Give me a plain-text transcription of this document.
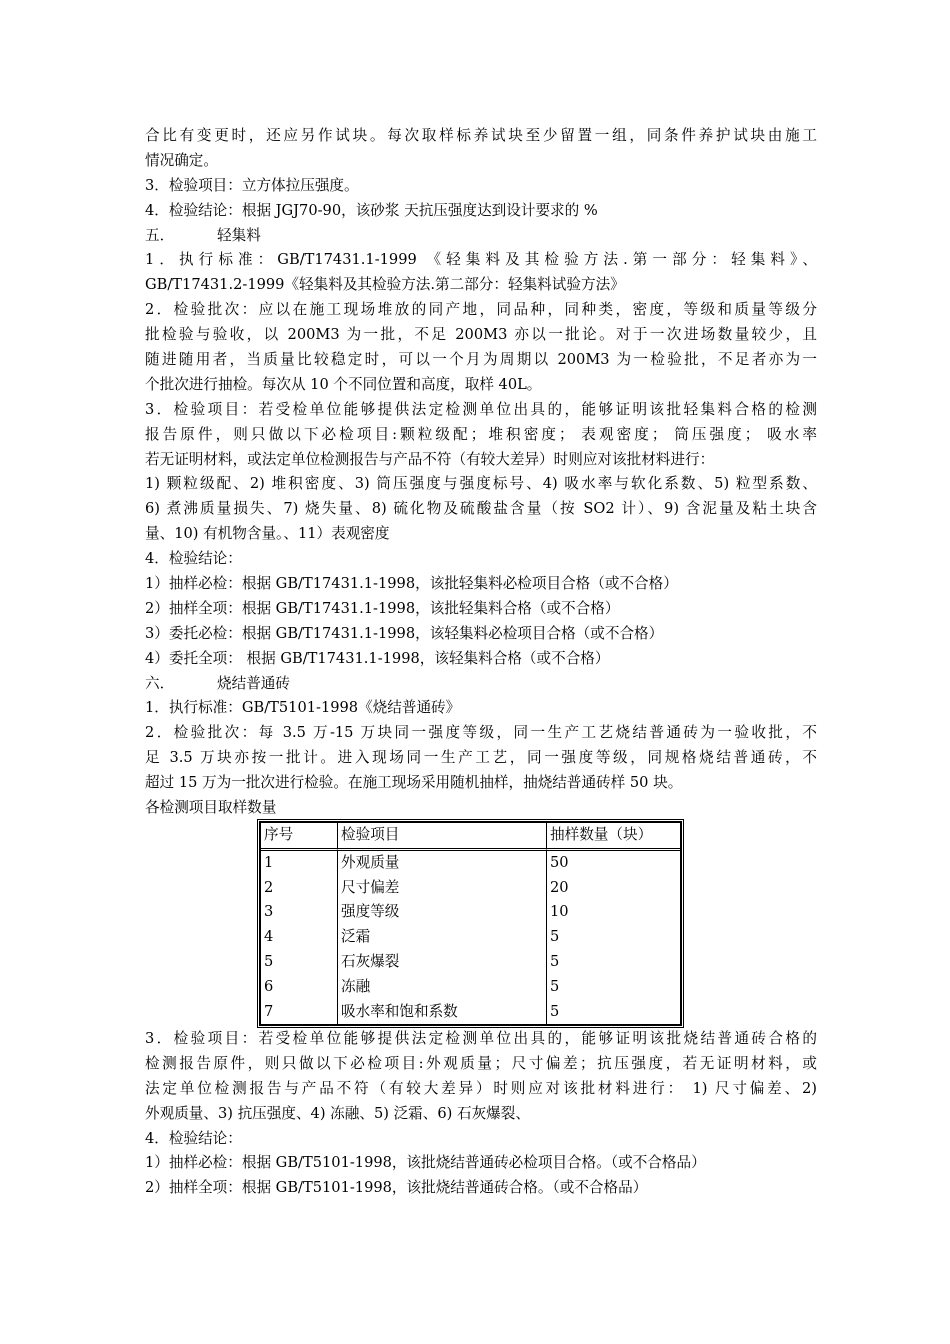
合比有变更时，还应另作试块。每次取样标养试块至少留置一组，同条件养护试块由施工
情况确定。
3．检验项目：立方体拉压强度。
4．检验结论：根据 JGJ70-90，该砂浆 天抗压强度达到设计要求的 %
五．	轻集料
1．执行标准：GB/T17431.1-1999 《轻集料及其检验方法.第一部分：轻集料》、
GB/T17431.2-1999《轻集料及其检验方法.第二部分：轻集料试验方法》
2．检验批次：应以在施工现场堆放的同产地，同品种，同种类，密度，等级和质量等级分
批检验与验收，以 200M3 为一批，不足 200M3 亦以一批论。对于一次进场数量较少，且
随进随用者，当质量比较稳定时，可以一个月为周期以 200M3 为一检验批，不足者亦为一
个批次进行抽检。每次从 10 个不同位置和高度，取样 40L。
3．检验项目：若受检单位能够提供法定检测单位出具的，能够证明该批轻集料合格的检测
报告原件，则只做以下必检项目:颗粒级配；堆积密度； 表观密度； 筒压强度； 吸水率
若无证明材料，或法定单位检测报告与产品不符（有较大差异）时则应对该批材料进行：
1) 颗粒级配、2) 堆积密度、3) 筒压强度与强度标号、4) 吸水率与软化系数、5) 粒型系数、
6) 煮沸质量损失、7) 烧失量、8) 硫化物及硫酸盐含量（按 SO2 计）、9) 含泥量及粘土块含
量、10) 有机物含量。、11）表观密度
4．检验结论：
1）抽样必检：根据 GB/T17431.1-1998，该批轻集料必检项目合格（或不合格）
2）抽样全项：根据 GB/T17431.1-1998，该批轻集料合格（或不合格）
3）委托必检：根据 GB/T17431.1-1998，该轻集料必检项目合格（或不合格）
4）委托全项： 根据 GB/T17431.1-1998，该轻集料合格（或不合格）
六．	烧结普通砖
1．执行标准：GB/T5101-1998《烧结普通砖》
2．检验批次：每 3.5 万-15 万块同一强度等级，同一生产工艺烧结普通砖为一验收批，不
足 3.5 万块亦按一批计。进入现场同一生产工艺，同一强度等级，同规格烧结普通砖，不
超过 15 万为一批次进行检验。在施工现场采用随机抽样，抽烧结普通砖样 50 块。
各检测项目取样数量
序号	检验项目	抽样数量（块）
1	外观质量	50
2	尺寸偏差	20
3	强度等级	10
4	泛霜	5
5	石灰爆裂	5
6	冻融	5
7	吸水率和饱和系数	5
3．检验项目：若受检单位能够提供法定检测单位出具的，能够证明该批烧结普通砖合格的
检测报告原件，则只做以下必检项目:外观质量；尺寸偏差；抗压强度，若无证明材料，或
法定单位检测报告与产品不符（有较大差异）时则应对该批材料进行： 1) 尺寸偏差、2)
外观质量、3) 抗压强度、4) 冻融、5) 泛霜、6) 石灰爆裂、
4．检验结论：
1）抽样必检：根据 GB/T5101-1998，该批烧结普通砖必检项目合格。（或不合格品）
2）抽样全项：根据 GB/T5101-1998，该批烧结普通砖合格。（或不合格品）
